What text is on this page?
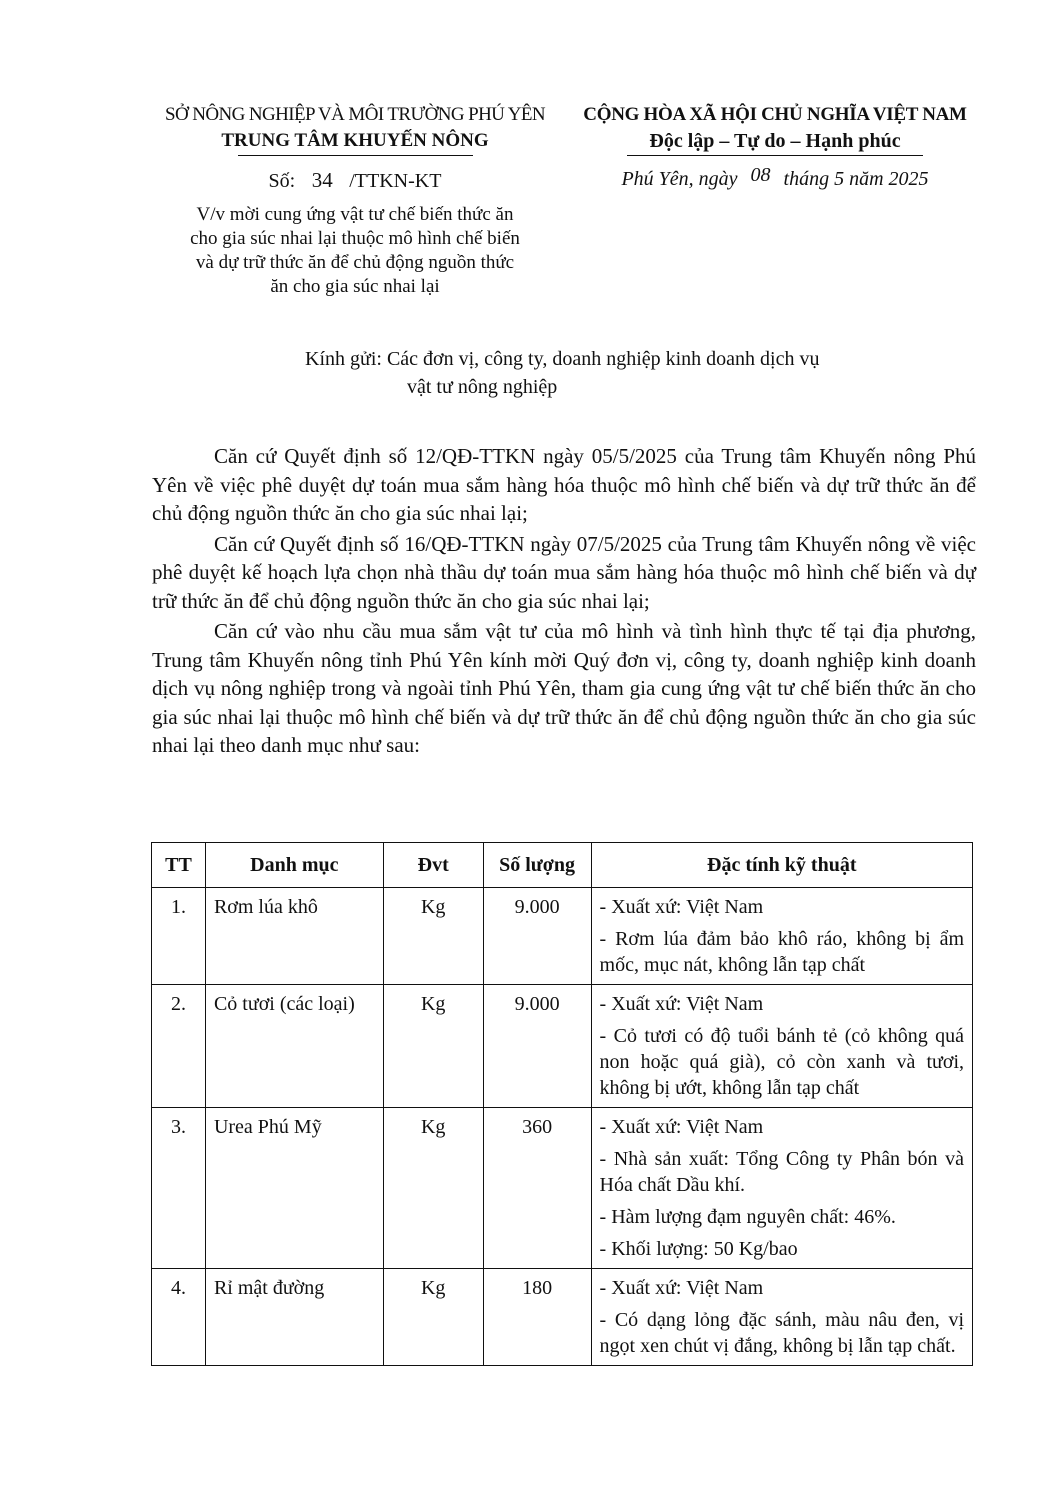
SỞ NÔNG NGHIỆP VÀ MÔI TRƯỜNG PHÚ YÊN
TRUNG TÂM KHUYẾN NÔNG
CỘNG HÒA XÃ HỘI CHỦ NGHĨA VIỆT NAM
Độc lập – Tự do – Hạnh phúc
Số: 34 /TTKN-KT	Phú Yên, ngày 08 tháng 5 năm 2025
V/v mời cung ứng vật tư chế biến thức ăn
cho gia súc nhai lại thuộc mô hình chế biến
và dự trữ thức ăn để chủ động nguồn thức
ăn cho gia súc nhai lại
Kính gửi: Các đơn vị, công ty, doanh nghiệp kinh doanh dịch vụ
vật tư nông nghiệp

Căn cứ Quyết định số 12/QĐ-TTKN ngày 05/5/2025 của Trung tâm Khuyến nông Phú Yên về việc phê duyệt dự toán mua sắm hàng hóa thuộc mô hình chế biến và dự trữ thức ăn để chủ động nguồn thức ăn cho gia súc nhai lại;

Căn cứ Quyết định số 16/QĐ-TTKN ngày 07/5/2025 của Trung tâm Khuyến nông về việc phê duyệt kế hoạch lựa chọn nhà thầu dự toán mua sắm hàng hóa thuộc mô hình chế biến và dự trữ thức ăn để chủ động nguồn thức ăn cho gia súc nhai lại;

Căn cứ vào nhu cầu mua sắm vật tư của mô hình và tình hình thực tế tại địa phương, Trung tâm Khuyến nông tỉnh Phú Yên kính mời Quý đơn vị, công ty, doanh nghiệp kinh doanh dịch vụ nông nghiệp trong và ngoài tỉnh Phú Yên, tham gia cung ứng vật tư chế biến thức ăn cho gia súc nhai lại thuộc mô hình chế biến và dự trữ thức ăn để chủ động nguồn thức ăn cho gia súc nhai lại theo danh mục như sau:

TT	Danh mục	Đvt	Số lượng	Đặc tính kỹ thuật
1.	Rơm lúa khô	Kg	9.000	- Xuất xứ: Việt Nam
- Rơm lúa đảm bảo khô ráo, không bị ẩm mốc, mục nát, không lẫn tạp chất

2.	Cỏ tươi (các loại)	Kg	9.000	- Xuất xứ: Việt Nam
- Cỏ tươi có độ tuổi bánh tẻ (cỏ không quá non hoặc quá già), cỏ còn xanh và tươi, không bị ướt, không lẫn tạp chất

3.	Urea Phú Mỹ	Kg	360	- Xuất xứ: Việt Nam
- Nhà sản xuất: Tổng Công ty Phân bón và Hóa chất Dầu khí.
- Hàm lượng đạm nguyên chất: 46%.
- Khối lượng: 50 Kg/bao

4.	Rỉ mật đường	Kg	180	- Xuất xứ: Việt Nam
- Có dạng lỏng đặc sánh, màu nâu đen, vị ngọt xen chút vị đắng, không bị lẫn tạp chất.
